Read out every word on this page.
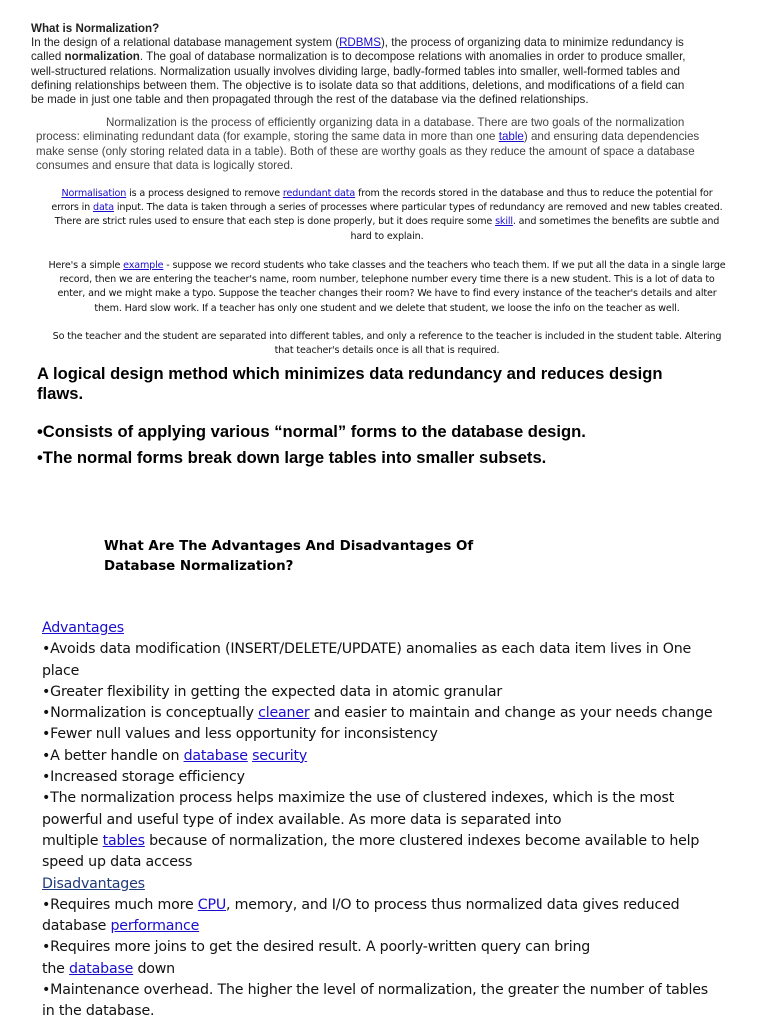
What is Normalization?
In the design of a relational database management system (RDBMS), the process of organizing data to minimize redundancy is
called normalization. The goal of database normalization is to decompose relations with anomalies in order to produce smaller,
well-structured relations. Normalization usually involves dividing large, badly-formed tables into smaller, well-formed tables and
defining relationships between them. The objective is to isolate data so that additions, deletions, and modifications of a field can
be made in just one table and then propagated through the rest of the database via the defined relationships.
Normalization is the process of efficiently organizing data in a database. There are two goals of the normalization
process: eliminating redundant data (for example, storing the same data in more than one table) and ensuring data dependencies
make sense (only storing related data in a table). Both of these are worthy goals as they reduce the amount of space a database
consumes and ensure that data is logically stored.
Normalisation is a process designed to remove redundant data from the records stored in the database and thus to reduce the potential for
errors in data input. The data is taken through a series of processes where particular types of redundancy are removed and new tables created.
There are strict rules used to ensure that each step is done properly, but it does require some skill. and sometimes the benefits are subtle and
hard to explain.
Here's a simple example - suppose we record students who take classes and the teachers who teach them. If we put all the data in a single large
record, then we are entering the teacher's name, room number, telephone number every time there is a new student. This is a lot of data to
enter, and we might make a typo. Suppose the teacher changes their room? We have to find every instance of the teacher's details and alter
them. Hard slow work. If a teacher has only one student and we delete that student, we loose the info on the teacher as well.
So the teacher and the student are separated into different tables, and only a reference to the teacher is included in the student table. Altering
that teacher's details once is all that is required.
A logical design method which minimizes data redundancy and reduces design
flaws.
•Consists of applying various “normal” forms to the database design.
•The normal forms break down large tables into smaller subsets.
What Are The Advantages And Disadvantages Of
Database Normalization?
Advantages
•Avoids data modification (INSERT/DELETE/UPDATE) anomalies as each data item lives in One
place
•Greater flexibility in getting the expected data in atomic granular
•Normalization is conceptually cleaner and easier to maintain and change as your needs change
•Fewer null values and less opportunity for inconsistency
•A better handle on database security
•Increased storage efficiency
•The normalization process helps maximize the use of clustered indexes, which is the most
powerful and useful type of index available. As more data is separated into
multiple tables because of normalization, the more clustered indexes become available to help
speed up data access
Disadvantages
•Requires much more CPU, memory, and I/O to process thus normalized data gives reduced
database performance
•Requires more joins to get the desired result. A poorly-written query can bring
the database down
•Maintenance overhead. The higher the level of normalization, the greater the number of tables
in the database.
